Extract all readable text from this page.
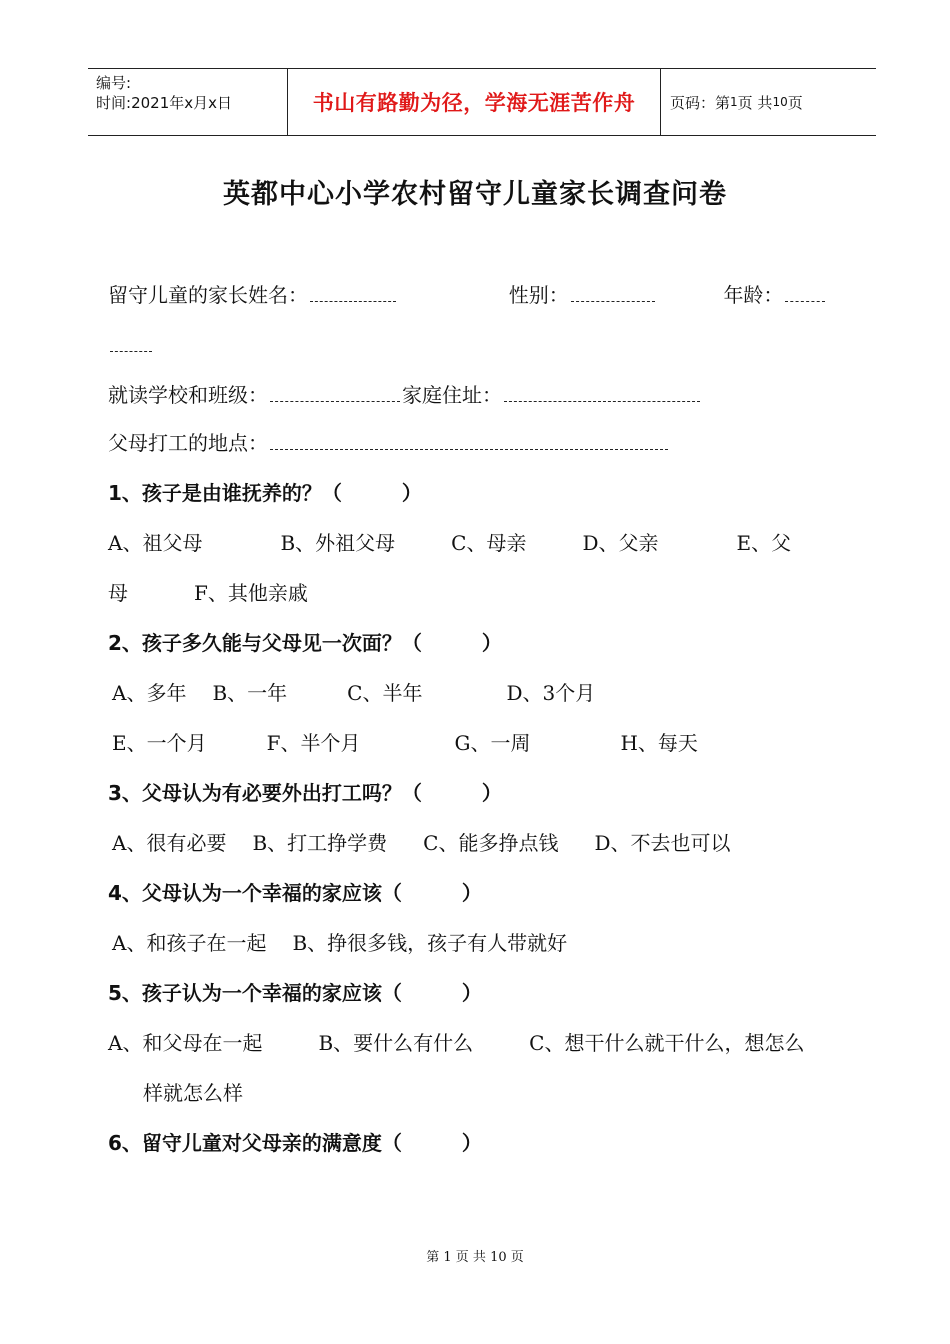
编号:
时间:2021年x月x日	书山有路勤为径，学海无涯苦作舟 页码：第 1 页 共 10 页
英都中心小学农村留守儿童家长调查问卷
留守儿童的家长姓名：	性别：	年龄：
就读学校和班级：	家庭住址：
父母打工的地点：
1、孩子是由谁抚养的？（　　　）
A、祖父母	B、外祖父母	C、母亲	D、父亲	E、父
母	F、其他亲戚
2、孩子多久能与父母见一次面？（　　　）
A、多年 B、一年	C、半年	D、3个月
E、一个月	F、半个月	G、一周	H、每天
3、父母认为有必要外出打工吗？（　　　）
A、很有必要 B、打工挣学费 C、能多挣点钱 D、不去也可以
4、父母认为一个幸福的家应该（　　　）
A、和孩子在一起 B、挣很多钱，孩子有人带就好
5、孩子认为一个幸福的家应该（　　　）
A、和父母在一起	B、要什么有什么	C、想干什么就干什么，想怎么
样就怎么样
6、留守儿童对父母亲的满意度（　　　）
第 1 页 共 10 页
